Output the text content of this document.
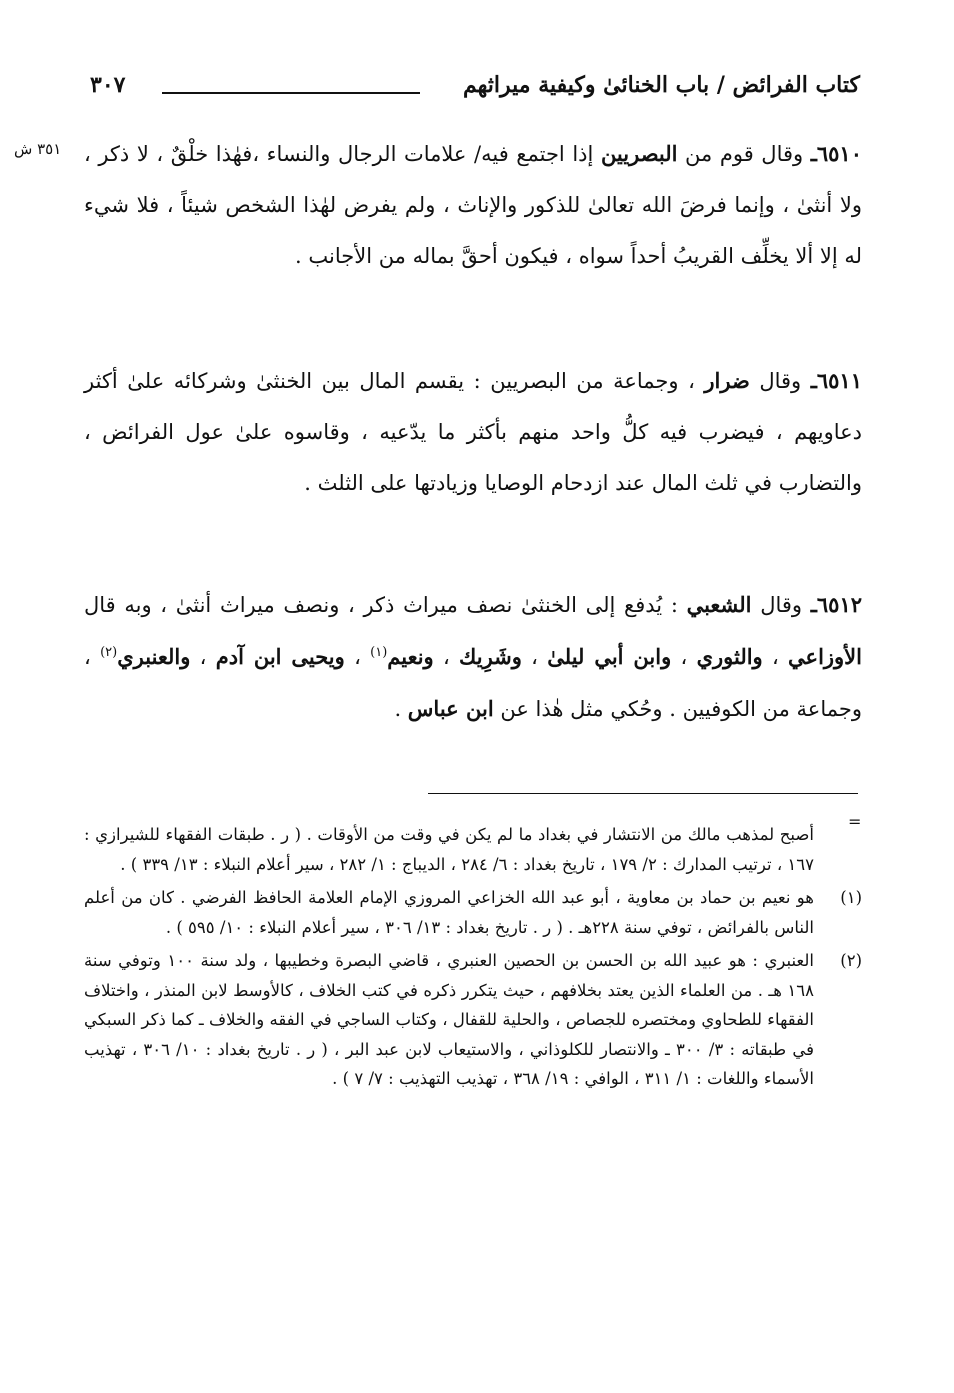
كتاب الفرائض / باب الخنائىٰ وكيفية ميراثهم
٣٠٧
٣٥١ ش	٦٥١٠ـ وقال قوم من البصريين إذا اجتمع فيه/ علامات الرجال والنساء ،فهٰذا خلْقٌ ، لا ذكر ، ولا أنثىٰ ، وإنما فرضَ الله تعالىٰ للذكور والإناث ، ولم يفرض لهٰذا الشخص شيئاً ، فلا شيء له إلا ألا يخلِّف القريبُ أحداً سواه ، فيكون أحقَّ بماله من الأجانب .
٦٥١١ـ وقال ضرار ، وجماعة من البصريين : يقسم المال بين الخنثىٰ وشركائه علىٰ أكثر دعاويهم ، فيضرب فيه كلُّ واحد منهم بأكثر ما يدّعيه ، وقاسوه علىٰ عول الفرائض ، والتضارب في ثلث المال عند ازدحام الوصايا وزيادتها على الثلث .
٦٥١٢ـ وقال الشعبي : يُدفع إلى الخنثىٰ نصف ميراث ذكر ، ونصف ميراث أنثىٰ ، وبه قال الأوزاعي ، والثوري ، وابن أبي ليلىٰ ، وشَرِيك ، ونعيم$^{(١)}$ ، ويحيى ابن آدم ، والعنبري$^{(٢)}$ ، وجماعة من الكوفيين . وحُكي مثل هٰذا عن ابن عباس .
=
أصبح لمذهب مالك من الانتشار في بغداد ما لم يكن في وقت من الأوقات . ( ر . طبقات الفقهاء للشيرازي : ١٦٧ ، ترتيب المدارك : ٢/ ١٧٩ ، تاريخ بغداد : ٦/ ٢٨٤ ، الديباج : ١/ ٢٨٢ ، سير أعلام النبلاء : ١٣/ ٣٣٩ ) .
(١)
هو نعيم بن حماد بن معاوية ، أبو عبد الله الخزاعي المروزي الإمام العلامة الحافظ الفرضي . كان من أعلم الناس بالفرائض ، توفي سنة ٢٢٨هـ . ( ر . تاريخ بغداد : ١٣/ ٣٠٦ ، سير أعلام النبلاء : ١٠/ ٥٩٥ ) .
(٢)
العنبري : هو عبيد الله بن الحسن بن الحصين العنبري ، قاضي البصرة وخطيبها ، ولد سنة ١٠٠ وتوفي سنة ١٦٨ هـ . من العلماء الذين يعتد بخلافهم ، حيث يتكرر ذكره في كتب الخلاف ، كالأوسط لابن المنذر ، واختلاف الفقهاء للطحاوي ومختصره للجصاص ، والحلية للقفال ، وكتاب الساجي في الفقه والخلاف ـ كما ذكر السبكي في طبقاته : ٣/ ٣٠٠ ـ والانتصار للكلوذاني ، والاستيعاب لابن عبد البر ، ( ر . تاريخ بغداد : ١٠/ ٣٠٦ ، تهذيب الأسماء واللغات : ١/ ٣١١ ، الوافي : ١٩/ ٣٦٨ ، تهذيب التهذيب : ٧/ ٧ ) .
